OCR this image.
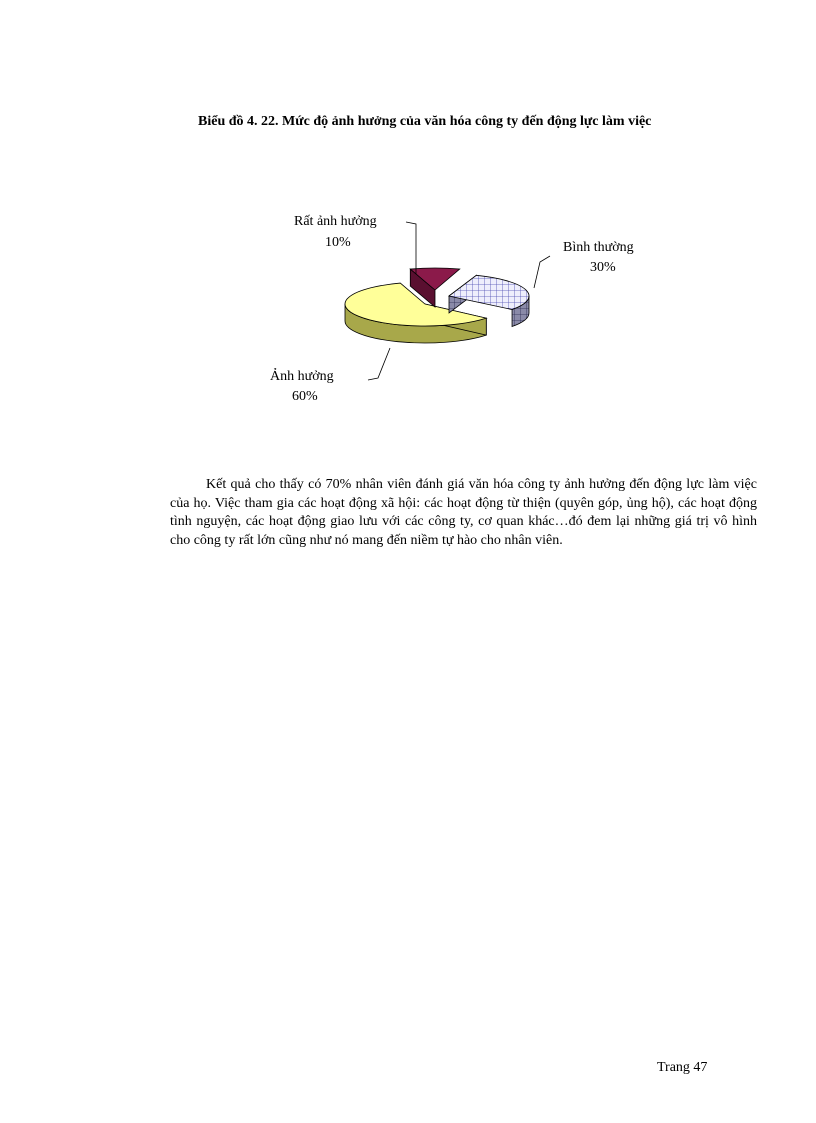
Biểu đồ 4. 22. Mức độ ảnh hưởng của văn hóa công ty đến động lực làm việc
Rất ảnh hưởng
10%	Bình thường
30%
Ảnh hưởng
60%

Kết quả cho thấy có 70% nhân viên đánh giá văn hóa công ty ảnh hưởng đến động lực làm việc của họ. Việc tham gia các hoạt động xã hội: các hoạt động từ thiện (quyên góp, ủng hộ), các hoạt động tình nguyện, các hoạt động giao lưu với các công ty, cơ quan khác…đó đem lại những giá trị vô hình cho công ty rất lớn cũng như nó mang đến niềm tự hào cho nhân viên.

Trang 47
